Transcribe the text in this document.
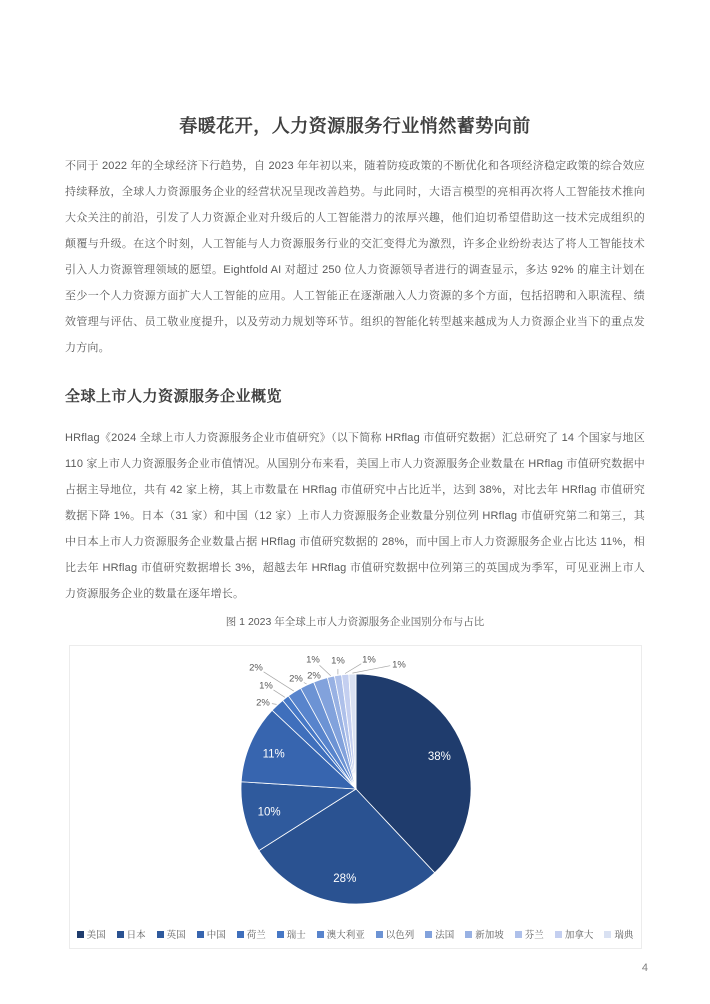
春暖花开，人力资源服务行业悄然蓄势向前

不同于 2022 年的全球经济下行趋势，自 2023 年年初以来，随着防疫政策的不断优化和各项经济稳定政策的综合效应持续释放，全球人力资源服务企业的经营状况呈现改善趋势。与此同时，大语言模型的亮相再次将人工智能技术推向大众关注的前沿，引发了人力资源企业对升级后的人工智能潜力的浓厚兴趣，他们迫切希望借助这一技术完成组织的颠覆与升级。在这个时刻，人工智能与人力资源服务行业的交汇变得尤为激烈，许多企业纷纷表达了将人工智能技术引入人力资源管理领域的愿望。Eightfold AI 对超过 250 位人力资源领导者进行的调查显示，多达 92% 的雇主计划在至少一个人力资源方面扩大人工智能的应用。人工智能正在逐渐融入人力资源的多个方面，包括招聘和入职流程、绩效管理与评估、员工敬业度提升，以及劳动力规划等环节。组织的智能化转型越来越成为人力资源企业当下的重点发力方向。

全球上市人力资源服务企业概览

HRflag《2024 全球上市人力资源服务企业市值研究》（以下简称 HRflag 市值研究数据）汇总研究了 14 个国家与地区 110 家上市人力资源服务企业市值情况。从国别分布来看，美国上市人力资源服务企业数量在 HRflag 市值研究数据中占据主导地位，共有 42 家上榜，其上市数量在 HRflag 市值研究中占比近半，达到 38%，对比去年 HRflag 市值研究数据下降 1%。日本（31 家）和中国（12 家）上市人力资源服务企业数量分别位列 HRflag 市值研究第二和第三，其中日本上市人力资源服务企业数量占据 HRflag 市值研究数据的 28%，而中国上市人力资源服务企业占比达 11%，相比去年 HRflag 市值研究数据增长 3%，超越去年 HRflag 市值研究数据中位列第三的英国成为季军，可见亚洲上市人力资源服务企业的数量在逐年增长。

图 1 2023 年全球上市人力资源服务企业国别分布与占比
38%
28%
10%
11%
2%
1%
2%
2% 2%
1% 1% 1% 1%
美国 日本 英国 中国 荷兰 瑞士 澳大利亚 以色列 法国 新加坡 芬兰 加拿大 瑞典
4
